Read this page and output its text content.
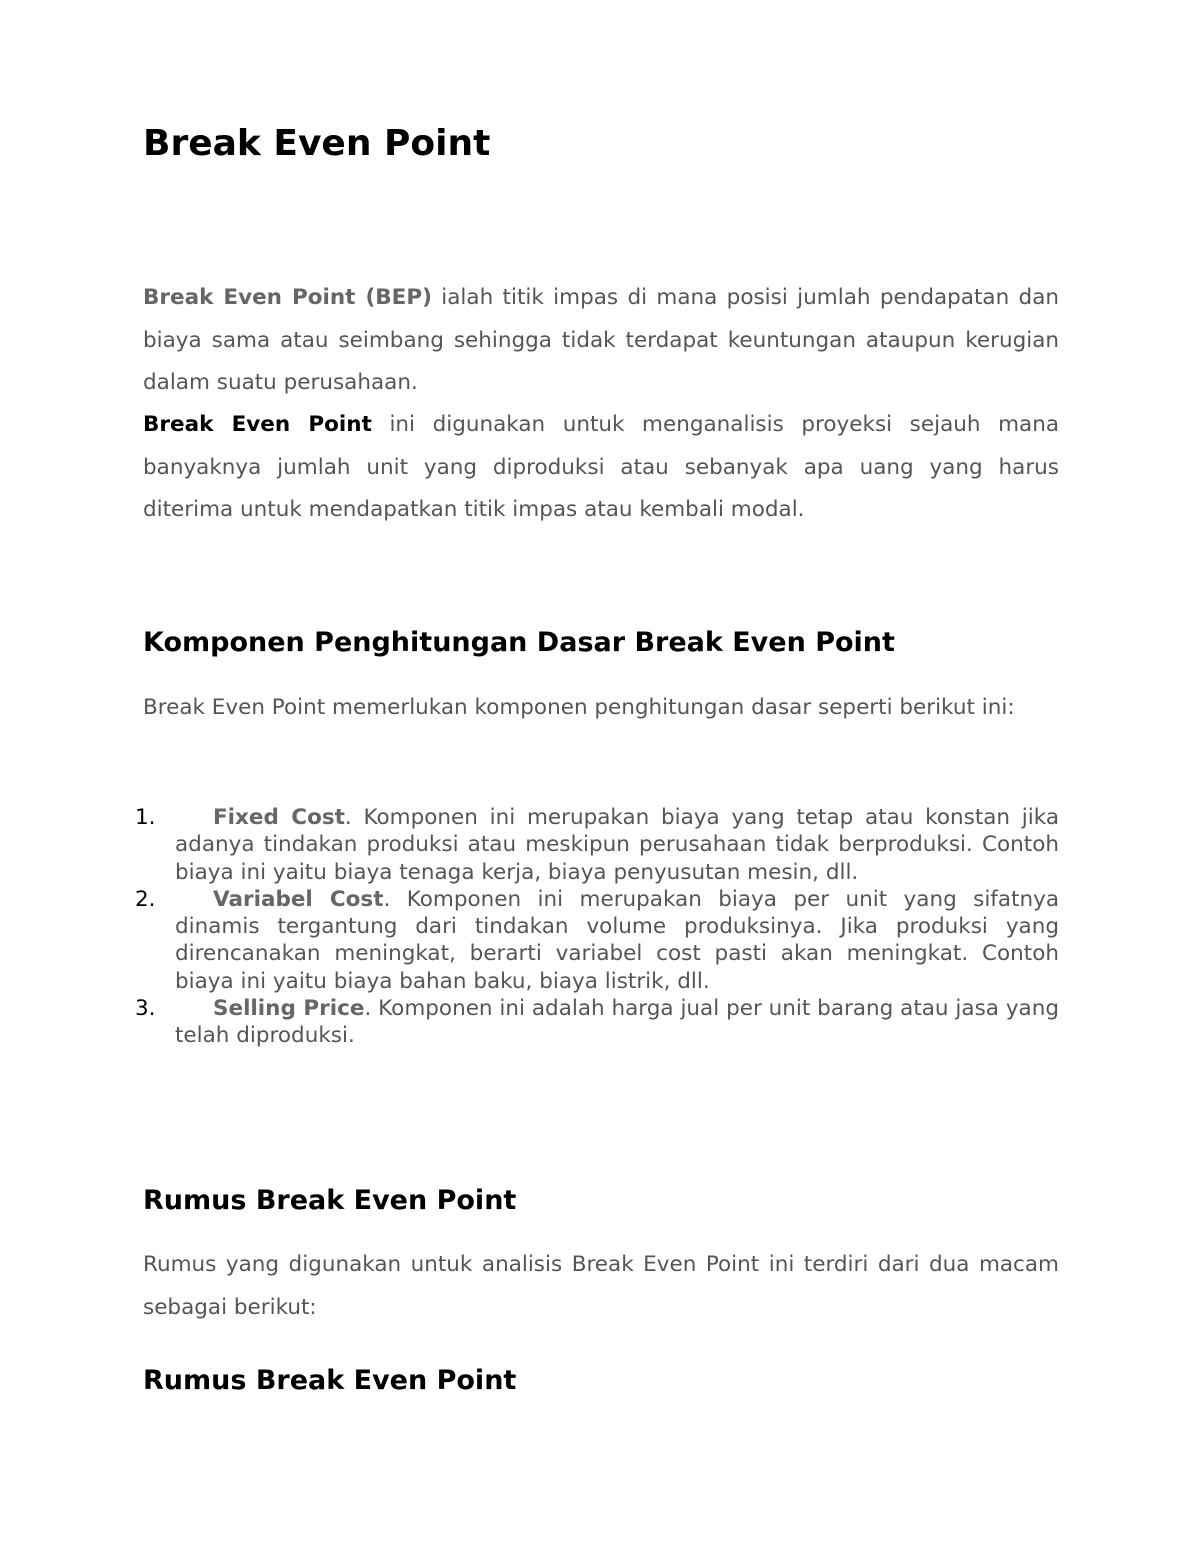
Break Even Point

Break Even Point (BEP) ialah titik impas di mana posisi jumlah pendapatan dan biaya sama atau seimbang sehingga tidak terdapat keuntungan ataupun kerugian dalam suatu perusahaan.

Break Even Point ini digunakan untuk menganalisis proyeksi sejauh mana banyaknya jumlah unit yang diproduksi atau sebanyak apa uang yang harus diterima untuk mendapatkan titik impas atau kembali modal.

Komponen Penghitungan Dasar Break Even Point

Break Even Point memerlukan komponen penghitungan dasar seperti berikut ini:

1.	Fixed Cost. Komponen ini merupakan biaya yang tetap atau konstan jika adanya tindakan produksi atau meskipun perusahaan tidak berproduksi. Contoh biaya ini yaitu biaya tenaga kerja, biaya penyusutan mesin, dll.
2.	Variabel Cost. Komponen ini merupakan biaya per unit yang sifatnya dinamis tergantung dari tindakan volume produksinya. Jika produksi yang direncanakan meningkat, berarti variabel cost pasti akan meningkat. Contoh biaya ini yaitu biaya bahan baku, biaya listrik, dll.
3.	Selling Price. Komponen ini adalah harga jual per unit barang atau jasa yang telah diproduksi.
Rumus Break Even Point

Rumus yang digunakan untuk analisis Break Even Point ini terdiri dari dua macam sebagai berikut:

Rumus Break Even Point
